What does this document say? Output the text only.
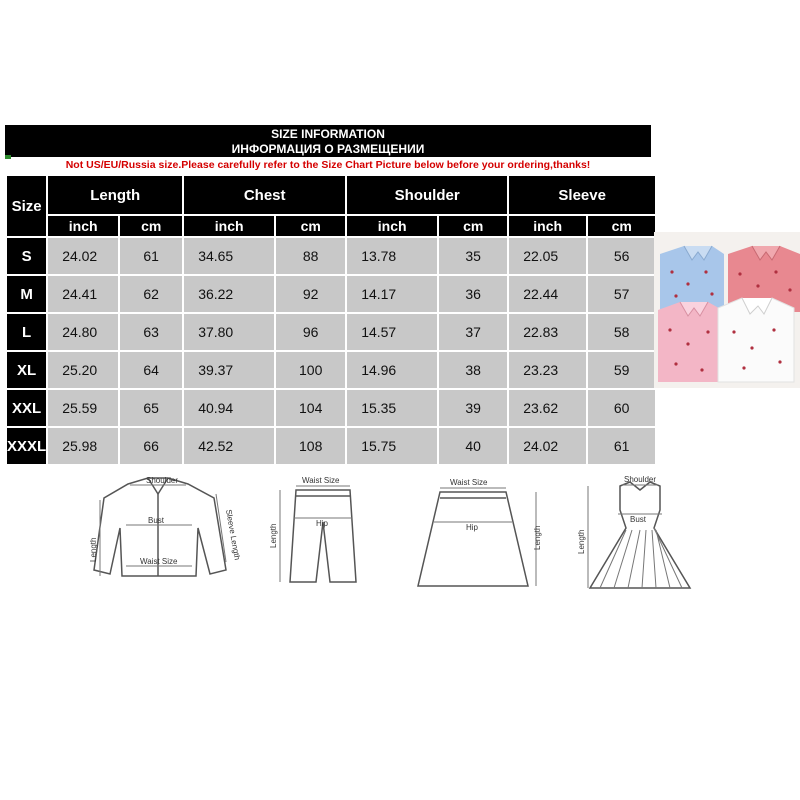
SIZE INFORMATION
ИНФОРМАЦИЯ О РАЗМЕЩЕНИИ
Not US/EU/Russia size.Please carefully refer to the Size Chart Picture below before your ordering,thanks!
Size	Length		Chest		Shoulder		Sleeve	
	inch	cm	inch	cm	inch	cm	inch	cm
S	24.02	61	34.65	88	13.78	35	22.05	56
M	24.41	62	36.22	92	14.17	36	22.44	57
L	24.80	63	37.80	96	14.57	37	22.83	58
XL	25.20	64	39.37	100	14.96	38	23.23	59
XXL	25.59	65	40.94	104	15.35	39	23.62	60
XXXL	25.98	66	42.52	108	15.75	40	24.02	61
Shoulder
Bust
Waist Size
Length	Sleeve Length
Waist Size
Hip
Length
Waist Size
Hip	Length
Shoulder
Bust
Length
